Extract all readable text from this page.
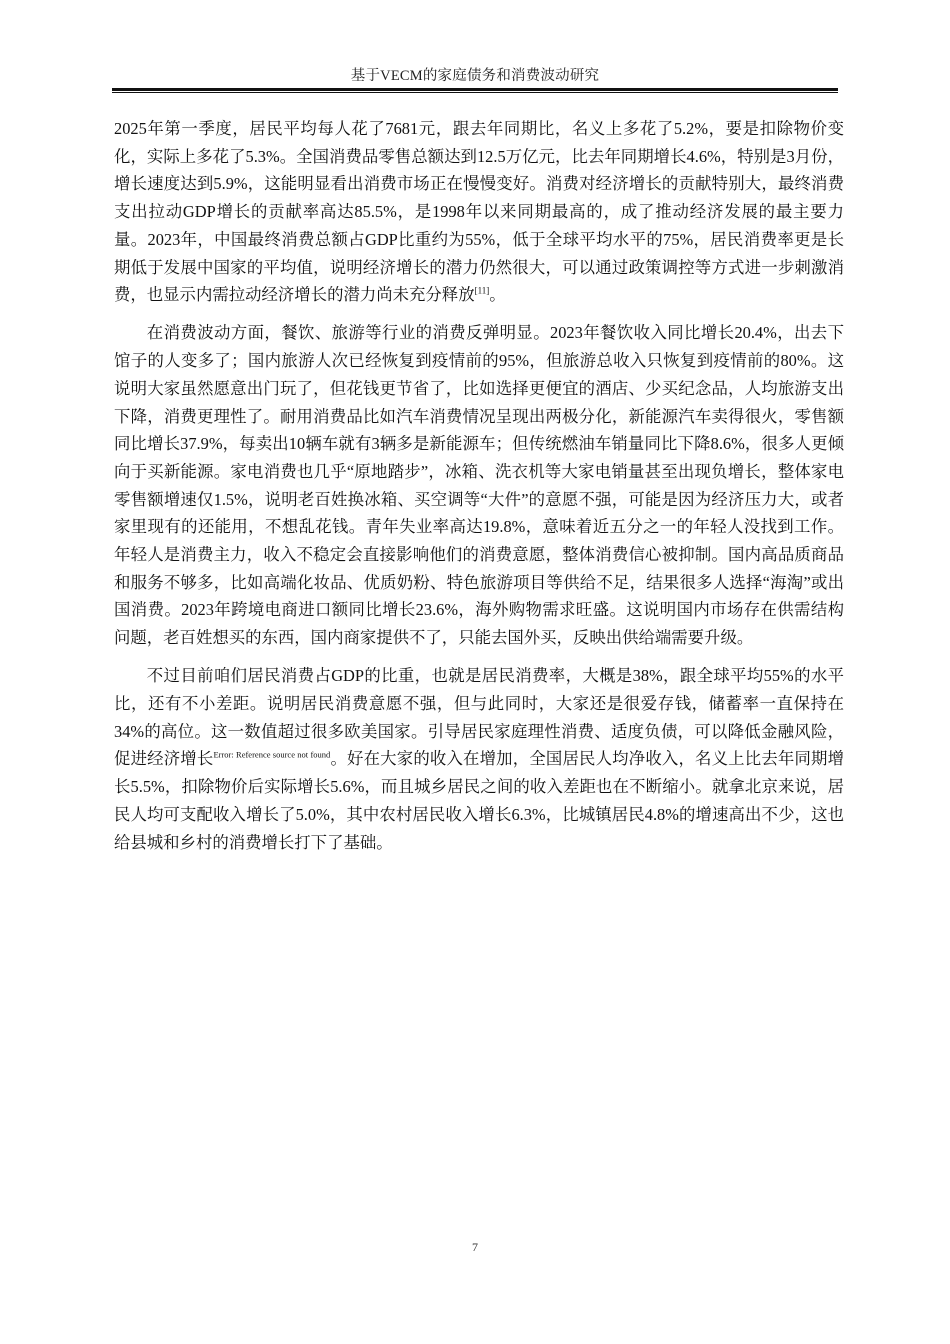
基于VECM的家庭债务和消费波动研究

2025年第一季度，居民平均每人花了7681元，跟去年同期比，名义上多花了5.2%，要是扣除物价变化，实际上多花了5.3%。全国消费品零售总额达到12.5万亿元，比去年同期增长4.6%，特别是3月份，增长速度达到5.9%，这能明显看出消费市场正在慢慢变好。消费对经济增长的贡献特别大，最终消费支出拉动GDP增长的贡献率高达85.5%，是1998年以来同期最高的，成了推动经济发展的最主要力量。2023年，中国最终消费总额占GDP比重约为55%，低于全球平均水平的75%，居民消费率更是长期低于发展中国家的平均值，说明经济增长的潜力仍然很大，可以通过政策调控等方式进一步刺激消费，也显示内需拉动经济增长的潜力尚未充分释放[11]。

在消费波动方面，餐饮、旅游等行业的消费反弹明显。2023年餐饮收入同比增长20.4%，出去下馆子的人变多了；国内旅游人次已经恢复到疫情前的95%，但旅游总收入只恢复到疫情前的80%。这说明大家虽然愿意出门玩了，但花钱更节省了，比如选择更便宜的酒店、少买纪念品，人均旅游支出下降，消费更理性了。耐用消费品比如汽车消费情况呈现出两极分化，新能源汽车卖得很火，零售额同比增长37.9%，每卖出10辆车就有3辆多是新能源车；但传统燃油车销量同比下降8.6%，很多人更倾向于买新能源。家电消费也几乎“原地踏步”，冰箱、洗衣机等大家电销量甚至出现负增长，整体家电零售额增速仅1.5%，说明老百姓换冰箱、买空调等“大件”的意愿不强，可能是因为经济压力大，或者家里现有的还能用，不想乱花钱。青年失业率高达19.8%，意味着近五分之一的年轻人没找到工作。年轻人是消费主力，收入不稳定会直接影响他们的消费意愿，整体消费信心被抑制。国内高品质商品和服务不够多，比如高端化妆品、优质奶粉、特色旅游项目等供给不足，结果很多人选择“海淘”或出国消费。2023年跨境电商进口额同比增长23.6%，海外购物需求旺盛。这说明国内市场存在供需结构问题，老百姓想买的东西，国内商家提供不了，只能去国外买，反映出供给端需要升级。

不过目前咱们居民消费占GDP的比重，也就是居民消费率，大概是38%，跟全球平均55%的水平比，还有不小差距。说明居民消费意愿不强，但与此同时，大家还是很爱存钱，储蓄率一直保持在34%的高位。这一数值超过很多欧美国家。引导居民家庭理性消费、适度负债，可以降低金融风险，促进经济增长$^{Error: Reference source not found}$。好在大家的收入在增加，全国居民人均净收入，名义上比去年同期增长5.5%，扣除物价后实际增长5.6%，而且城乡居民之间的收入差距也在不断缩小。就拿北京来说，居民人均可支配收入增长了5.0%，其中农村居民收入增长6.3%，比城镇居民4.8%的增速高出不少，这也给县城和乡村的消费增长打下了基础。

7
